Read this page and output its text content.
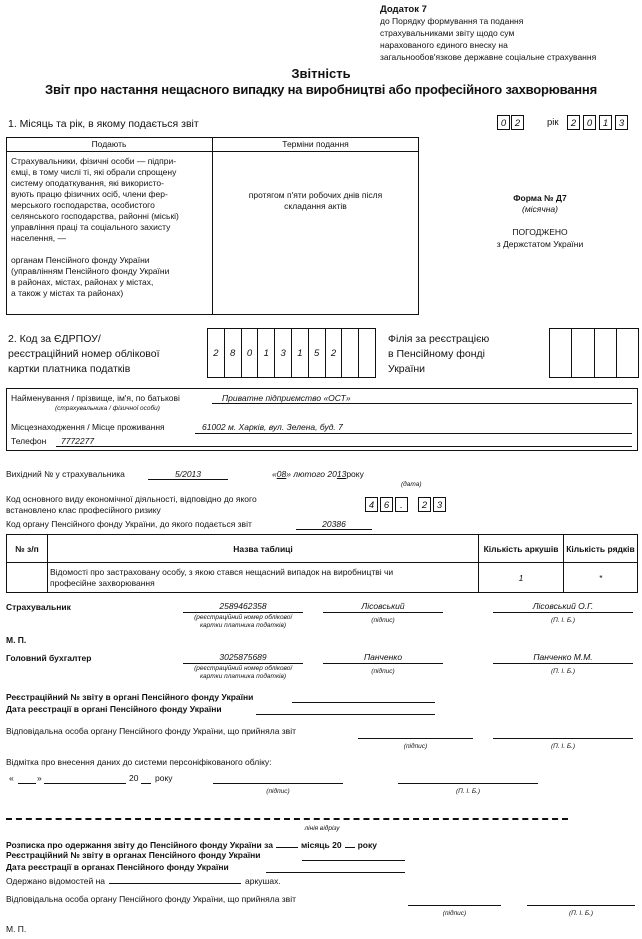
Додаток 7
до Порядку формування та подання
страхувальниками звіту щодо сум
нарахованого єдиного внеску на
загальнообов'язкове державне соціальне страхування
Звітність
Звіт про настання нещасного випадку на виробництві або професійного захворювання
1. Місяць та рік, в якому подається звіт	0 2	рік	2	0	1	3
Подають	Терміни подання
Страхувальники, фізичні особи — підпри-
ємці, в тому числі ті, які обрали спрощену
систему оподаткування, які використо-
вують працю фізичних осіб, члени фер-
мерського господарства, особистого
селянського господарства, районні (міські)
управління праці та соціального захисту
населення, —
органам Пенсійного фонду України
(управлінням Пенсійного фонду України
в районах, містах, районах у містах,
а також у містах та районах)
протягом п'яти робочих днів після
складання актів
Форма № Д7
(місячна)
ПОГОДЖЕНО
з Держстатом України
2. Код за ЄДРПОУ/
реєстраційний номер облікової
картки платника податків
2	8	0	1	3	1	5	2
Філія за реєстрацією
в Пенсійному фонді
України
Найменування / прізвище, ім'я, по батькові	Приватне підприємство «ОСТ»
(страхувальника / фізичної особи)
Місцезнаходження / Місце проживання	61002 м. Харків, вул. Зелена, буд. 7
Телефон 7772277
Вихідний № у страхувальника	5/2013	«08» лютого 2013року
(дата)
Код основного виду економічної діяльності, відповідно до якого
встановлено клас професійного ризику	4	6	.	2	3
Код органу Пенсійного фонду України, до якого подається звіт	20386
№ з/п	Назва таблиці	Кількість аркушів	Кількість рядків

	Відомості про застраховану особу, з якою стався нещасний випадок на виробництві чи
професійне захворювання	1	*
Страхувальник	2589462358
(реєстраційний номер облікової
картки платника податків)
Лісовський
(підпис)
Лісовський О.Г.
(П. І. Б.)
М. П.
Головний бухгалтер	3025875689
(реєстраційний номер облікової
картки платника податків)
Панченко
(підпис)
Панченко М.М.
(П. І. Б.)
Реєстраційний № звіту в органі Пенсійного фонду України
Дата реєстрації в органі Пенсійного фонду України
Відповідальна особа органу Пенсійного фонду України, що прийняла звіт
(підпис)	(П. І. Б.)
Відмітка про внесення даних до системи персоніфікованого обліку:
«	»	20 року
(підпис)	(П. І. Б.)
лінія відрізу
Розписка про одержання звіту до Пенсійного фонду України за	місяць 20 року
Реєстраційний № звіту в органах Пенсійного фонду України
Дата реєстрації в органах Пенсійного фонду України
Одержано відомостей на	аркушах.
Відповідальна особа органу Пенсійного фонду України, що прийняла звіт
(підпис)	(П. І. Б.)
М. П.
